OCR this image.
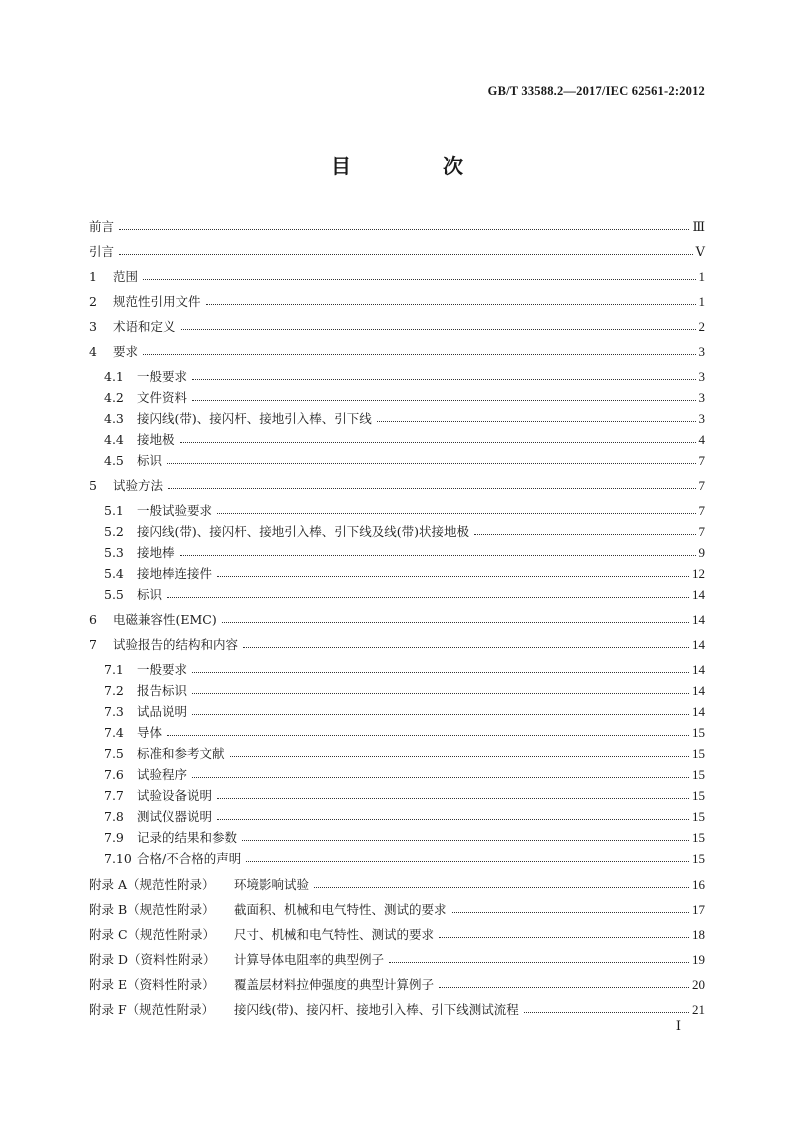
GB/T 33588.2—2017/IEC 62561-2:2012
目　次
前言	Ⅲ
引言	Ⅴ
1 范围	1
2 规范性引用文件	1
3 术语和定义	2
4 要求	3
4.1 一般要求	3
4.2 文件资料	3
4.3 接闪线(带)、接闪杆、接地引入棒、引下线	3
4.4 接地极	4
4.5 标识	7
5 试验方法	7
5.1 一般试验要求	7
5.2 接闪线(带)、接闪杆、接地引入棒、引下线及线(带)状接地极	7
5.3 接地棒	9
5.4 接地棒连接件	12
5.5 标识	14
6 电磁兼容性(EMC)	14
7 试验报告的结构和内容	14
7.1 一般要求	14
7.2 报告标识	14
7.3 试品说明	14
7.4 导体	15
7.5 标准和参考文献	15
7.6 试验程序	15
7.7 试验设备说明	15
7.8 测试仪器说明	15
7.9 记录的结果和参数	15
7.10 合格/不合格的声明	15
附录 A（规范性附录） 环境影响试验	16
附录 B（规范性附录） 截面积、机械和电气特性、测试的要求	17
附录 C（规范性附录） 尺寸、机械和电气特性、测试的要求	18
附录 D（资料性附录） 计算导体电阻率的典型例子	19
附录 E（资料性附录） 覆盖层材料拉伸强度的典型计算例子	20
附录 F（规范性附录） 接闪线(带)、接闪杆、接地引入棒、引下线测试流程	21
Ⅰ
